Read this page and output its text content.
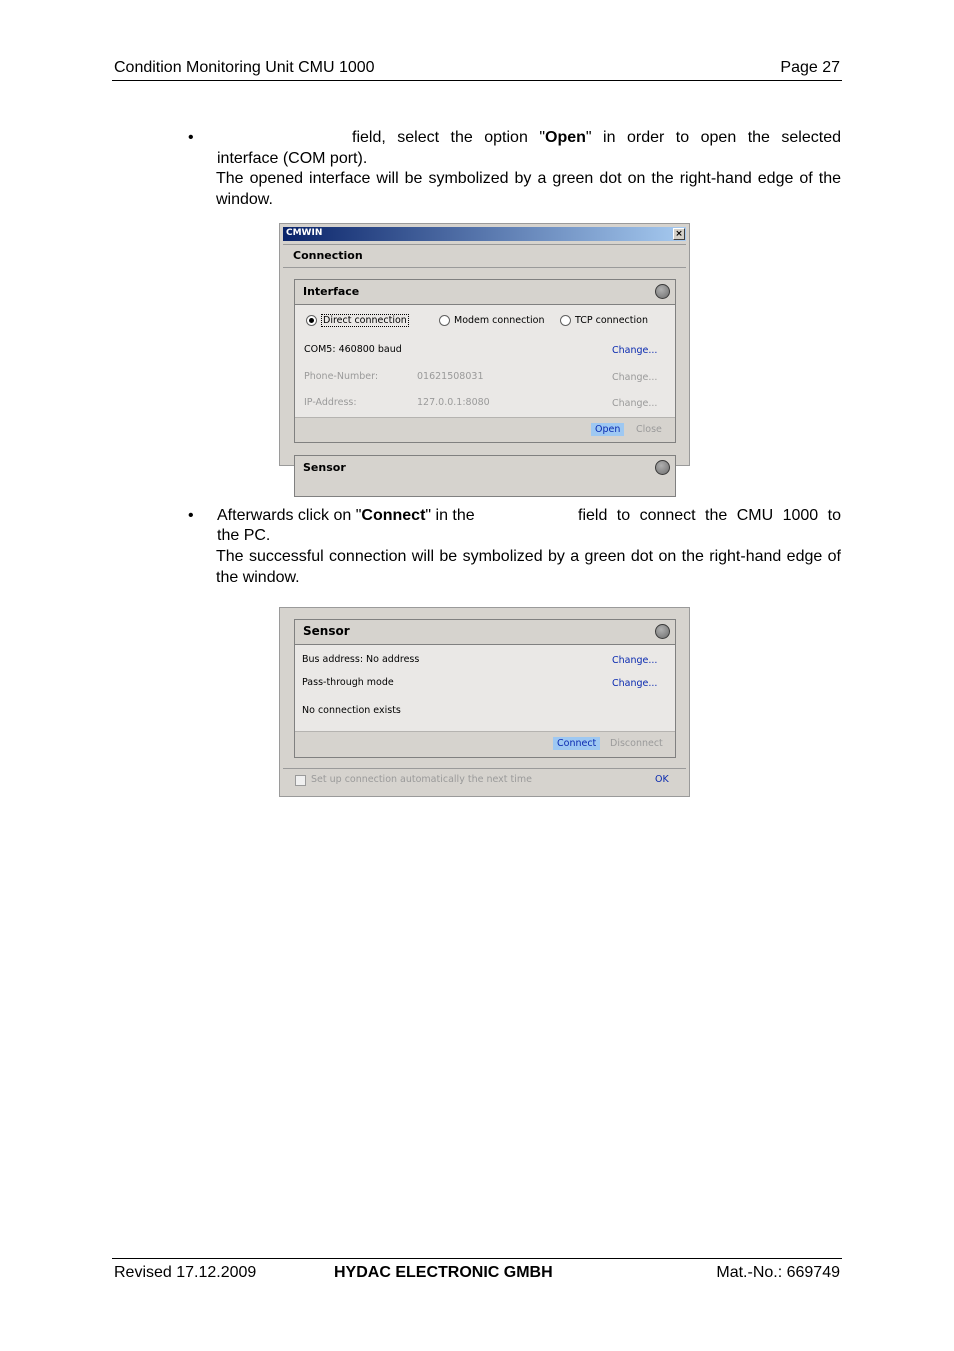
Condition Monitoring Unit CMU 1000	Page 27
•	field, select the option "Open" in order to open the selected
interface (COM port).
The opened interface will be symbolized by a green dot on the right-hand edge of the window.
CMWIN	×
Connection
Interface
Direct connection	Modem connection	TCP connection
COM5: 460800 baud	Change...
Phone-Number:	01621508031	Change...
IP-Address:	127.0.0.1:8080	Change...
Open	Close
Sensor
• Afterwards click on "Connect" in the	field to connect the CMU 1000 to
the PC.
The successful connection will be symbolized by a green dot on the right-hand edge of the window.
Sensor
Bus address: No address	Change...
Pass-through mode	Change...
No connection exists
Connect	Disconnect
Set up connection automatically the next time	OK
Revised 17.12.2009	HYDAC ELECTRONIC GMBH	Mat.-No.: 669749
